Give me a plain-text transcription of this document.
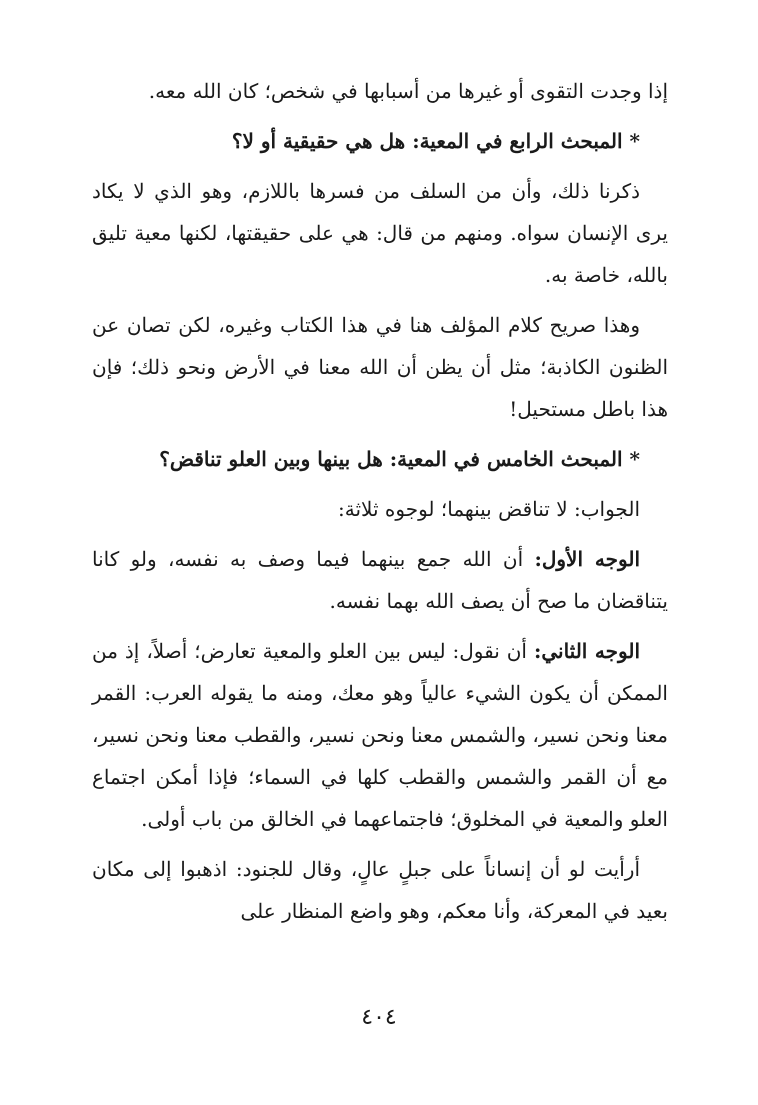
إذا وجدت التقوى أو غيرها من أسبابها في شخص؛ كان الله معه.

* المبحث الرابع في المعية: هل هي حقيقية أو لا؟

ذكرنا ذلك، وأن من السلف من فسرها باللازم، وهو الذي لا يكاد يرى الإنسان سواه. ومنهم من قال: هي على حقيقتها، لكنها معية تليق بالله، خاصة به.

وهذا صريح كلام المؤلف هنا في هذا الكتاب وغيره، لكن تصان عن الظنون الكاذبة؛ مثل أن يظن أن الله معنا في الأرض ونحو ذلك؛ فإن هذا باطل مستحيل!

* المبحث الخامس في المعية: هل بينها وبين العلو تناقض؟

الجواب: لا تناقض بينهما؛ لوجوه ثلاثة:

الوجه الأول: أن الله جمع بينهما فيما وصف به نفسه، ولو كانا يتناقضان ما صح أن يصف الله بهما نفسه.

الوجه الثاني: أن نقول: ليس بين العلو والمعية تعارض؛ أصلاً، إذ من الممكن أن يكون الشيء عالياً وهو معك، ومنه ما يقوله العرب: القمر معنا ونحن نسير، والشمس معنا ونحن نسير، والقطب معنا ونحن نسير، مع أن القمر والشمس والقطب كلها في السماء؛ فإذا أمكن اجتماع العلو والمعية في المخلوق؛ فاجتماعهما في الخالق من باب أولى.

أرأيت لو أن إنساناً على جبلٍ عالٍ، وقال للجنود: اذهبوا إلى مكان بعيد في المعركة، وأنا معكم، وهو واضع المنظار على

٤٠٤
